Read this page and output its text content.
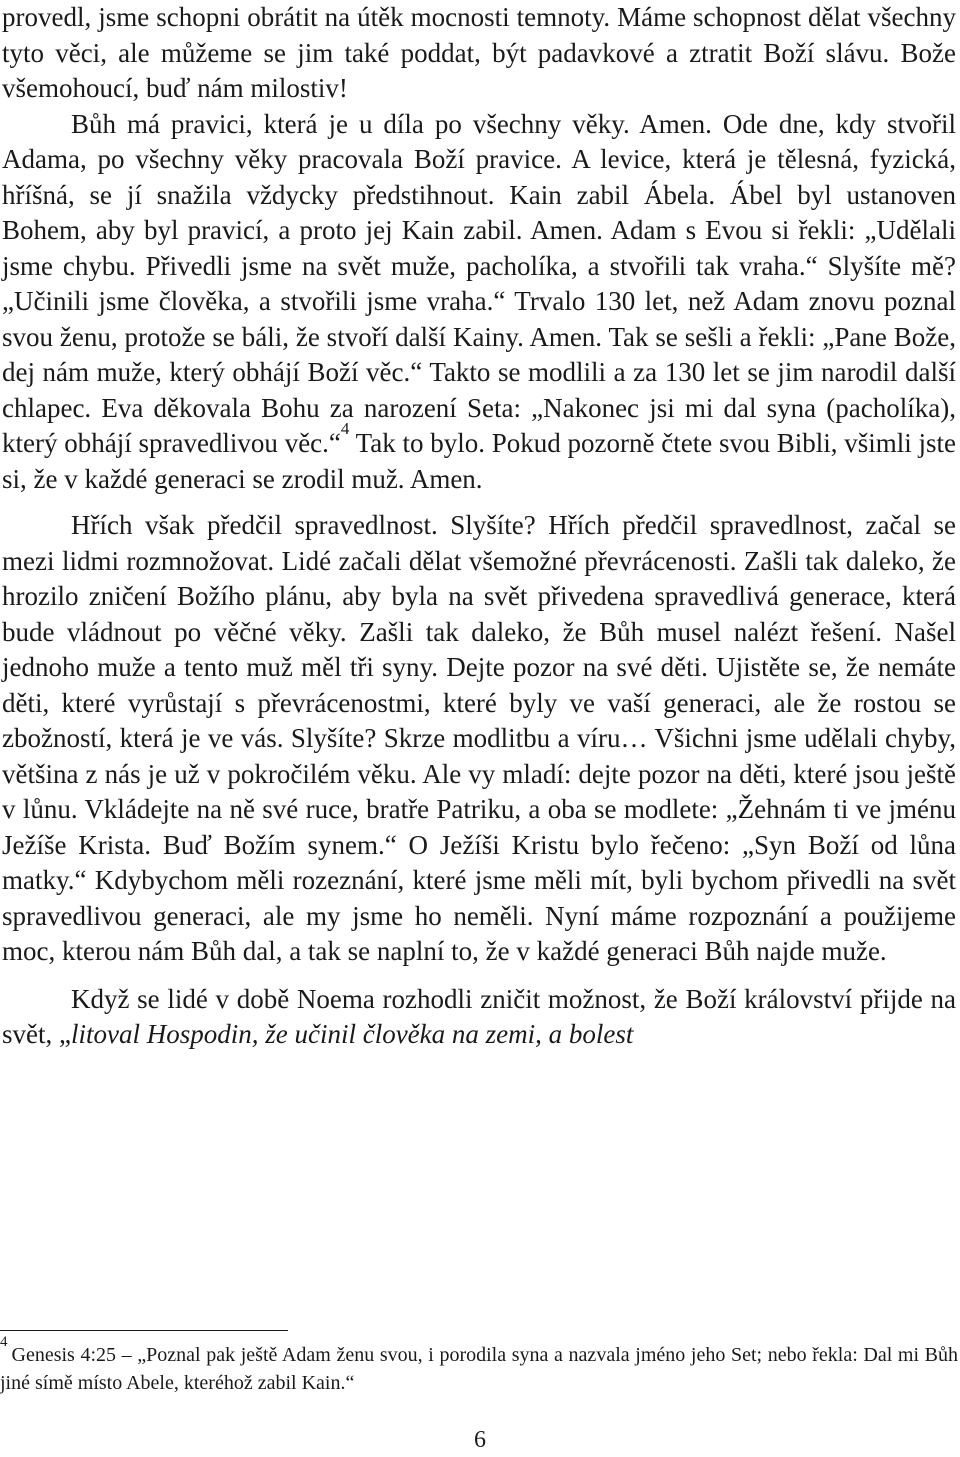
provedl, jsme schopni obrátit na útěk mocnosti temnoty. Máme schopnost dělat všechny tyto věci, ale můžeme se jim také poddat, být padavkové a ztratit Boží slávu. Bože všemohoucí, buď nám milostiv!

Bůh má pravici, která je u díla po všechny věky. Amen. Ode dne, kdy stvořil Adama, po všechny věky pracovala Boží pravice. A levice, která je tělesná, fyzická, hříšná, se jí snažila vždycky předstihnout. Kain zabil Ábela. Ábel byl ustanoven Bohem, aby byl pravicí, a proto jej Kain zabil. Amen. Adam s Evou si řekli: „Udělali jsme chybu. Přivedli jsme na svět muže, pacholíka, a stvořili tak vraha.“ Slyšíte mě? „Učinili jsme člověka, a stvořili jsme vraha.“ Trvalo 130 let, než Adam znovu poznal svou ženu, protože se báli, že stvoří další Kainy. Amen. Tak se sešli a řekli: „Pane Bože, dej nám muže, který obhájí Boží věc.“ Takto se modlili a za 130 let se jim narodil další chlapec. Eva děkovala Bohu za narození Seta: „Nakonec jsi mi dal syna (pacholíka), který obhájí spravedlivou věc.“$^4$ Tak to bylo. Pokud pozorně čtete svou Bibli, všimli jste si, že v každé generaci se zrodil muž. Amen.

Hřích však předčil spravedlnost. Slyšíte? Hřích předčil spravedlnost, začal se mezi lidmi rozmnožovat. Lidé začali dělat všemožné převrácenosti. Zašli tak daleko, že hrozilo zničení Božího plánu, aby byla na svět přivedena spravedlivá generace, která bude vládnout po věčné věky. Zašli tak daleko, že Bůh musel nalézt řešení. Našel jednoho muže a tento muž měl tři syny. Dejte pozor na své děti. Ujistěte se, že nemáte děti, které vyrůstají s převrácenostmi, které byly ve vaší generaci, ale že rostou se zbožností, která je ve vás. Slyšíte? Skrze modlitbu a víru… Všichni jsme udělali chyby, většina z nás je už v pokročilém věku. Ale vy mladí: dejte pozor na děti, které jsou ještě v lůnu. Vkládejte na ně své ruce, bratře Patriku, a oba se modlete: „Žehnám ti ve jménu Ježíše Krista. Buď Božím synem.“ O Ježíši Kristu bylo řečeno: „Syn Boží od lůna matky.“ Kdybychom měli rozeznání, které jsme měli mít, byli bychom přivedli na svět spravedlivou generaci, ale my jsme ho neměli. Nyní máme rozpoznání a použijeme moc, kterou nám Bůh dal, a tak se naplní to, že v každé generaci Bůh najde muže.

Když se lidé v době Noema rozhodli zničit možnost, že Boží království přijde na svět, „litoval Hospodin, že učinil člověka na zemi, a bolest

$^4$Genesis 4:25 – „Poznal pak ještě Adam ženu svou, i porodila syna a nazvala jméno jeho Set; nebo řekla: Dal mi Bůh jiné símě místo Abele, kteréhož zabil Kain.“

6
